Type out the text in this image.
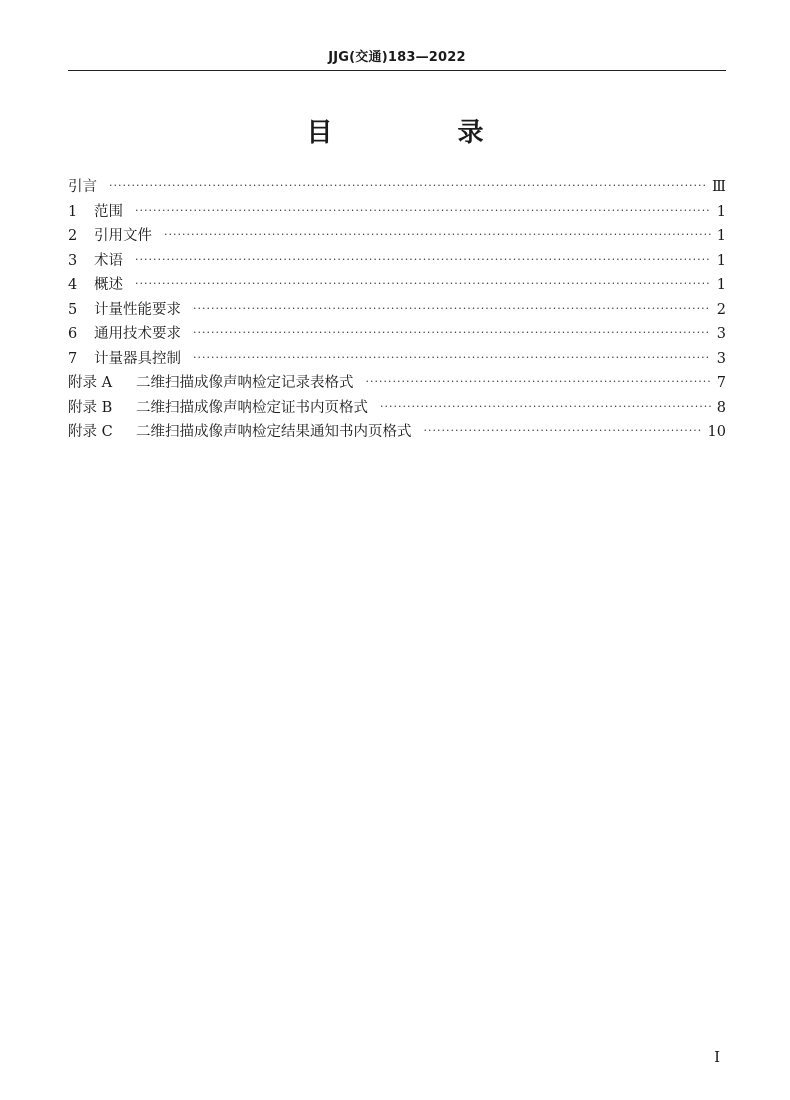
JJG(交通)183—2022
目 录
引言 ·····	Ⅲ
1 范围 ·····	1
2 引用文件 ·····	1
3 术语 ·····	1
4 概述 ·····	1
5 计量性能要求 ·····	2
6 通用技术要求 ·····	3
7 计量器具控制 ·····	3
附录 A 二维扫描成像声呐检定记录表格式 ·····	7
附录 B 二维扫描成像声呐检定证书内页格式 ·····	8
附录 C 二维扫描成像声呐检定结果通知书内页格式 ·····	10
I
